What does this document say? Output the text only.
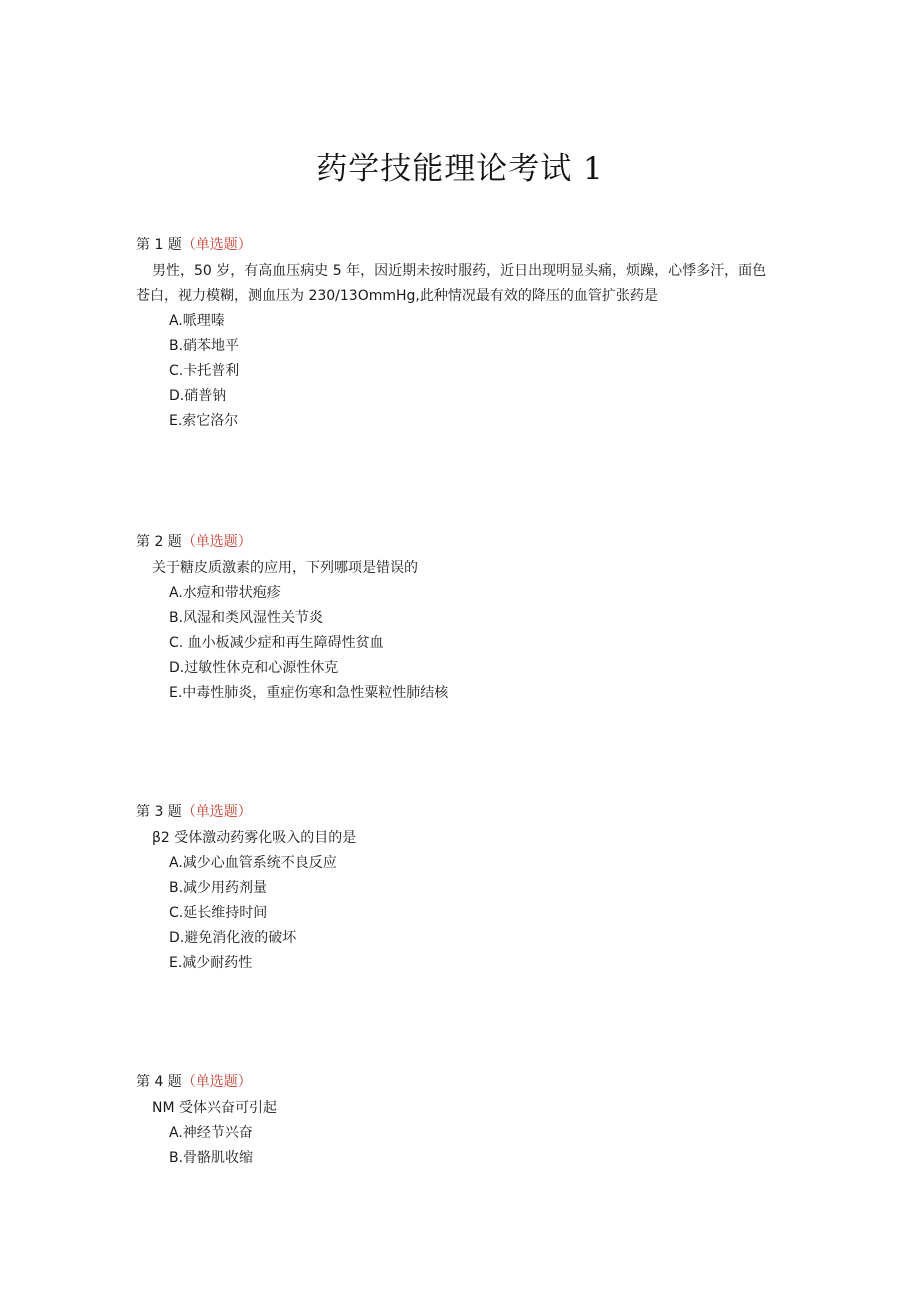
药学技能理论考试 1
第 1 题（单选题）
男性，50 岁，有高血压病史 5 年，因近期未按时服药，近日出现明显头痛，烦躁，心悸多汗，面色苍白，视力模糊，测血压为 230/13OmmHg,此种情况最有效的降压的血管扩张药是
A.哌理嗪
B.硝苯地平
C.卡托普利
D.硝普钠
E.索它洛尔
第 2 题（单选题）
关于糖皮质激素的应用，下列哪项是错误的
A.水痘和带状疱疹
B.风湿和类风湿性关节炎
C. 血小板减少症和再生障碍性贫血
D.过敏性休克和心源性休克
E.中毒性肺炎，重症伤寒和急性粟粒性肺结核
第 3 题（单选题）
β2 受体激动药雾化吸入的目的是
A.减少心血管系统不良反应
B.减少用药剂量
C.延长维持时间
D.避免消化液的破坏
E.减少耐药性
第 4 题（单选题）
NM 受体兴奋可引起
A.神经节兴奋
B.骨骼肌收缩
